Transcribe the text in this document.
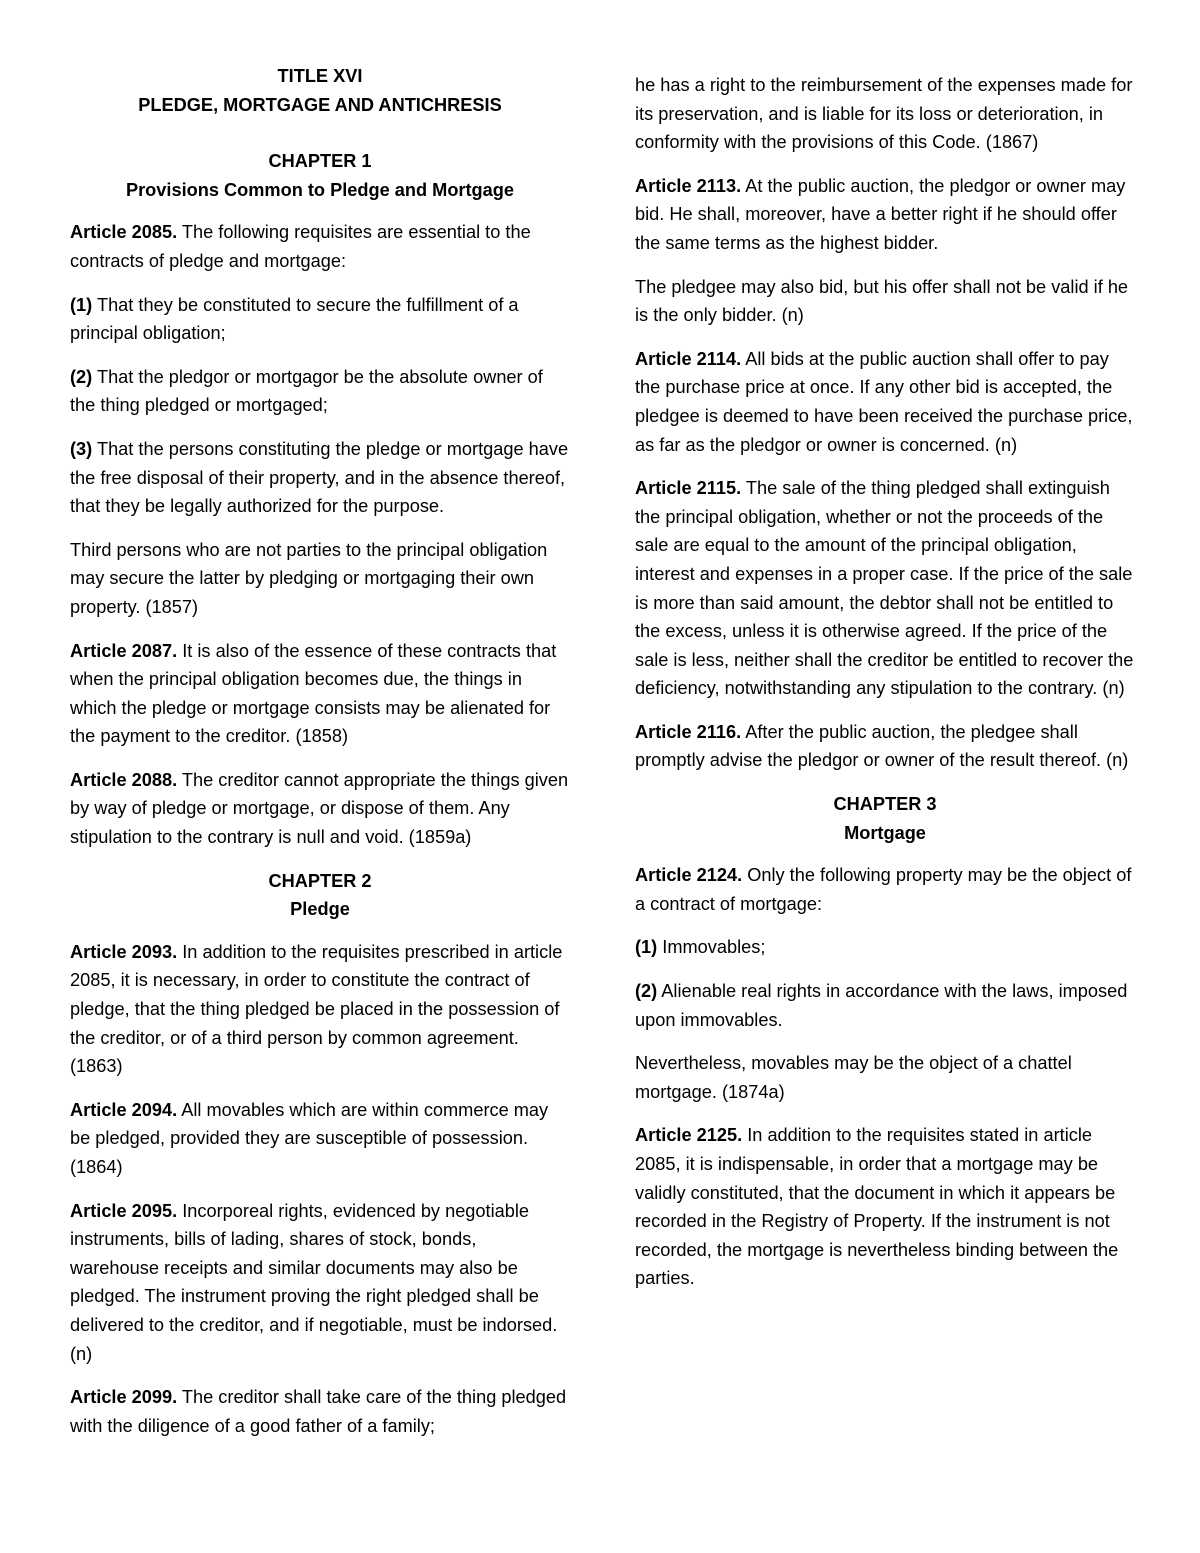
TITLE XVI

PLEDGE, MORTGAGE AND ANTICHRESIS

CHAPTER 1

Provisions Common to Pledge and Mortgage

Article 2085. The following requisites are essential to the contracts of pledge and mortgage:

(1) That they be constituted to secure the fulfillment of a principal obligation;

(2) That the pledgor or mortgagor be the absolute owner of the thing pledged or mortgaged;

(3) That the persons constituting the pledge or mortgage have the free disposal of their property, and in the absence thereof, that they be legally authorized for the purpose.

Third persons who are not parties to the principal obligation may secure the latter by pledging or mortgaging their own property. (1857)

Article 2087. It is also of the essence of these contracts that when the principal obligation becomes due, the things in which the pledge or mortgage consists may be alienated for the payment to the creditor. (1858)

Article 2088. The creditor cannot appropriate the things given by way of pledge or mortgage, or dispose of them. Any stipulation to the contrary is null and void. (1859a)

CHAPTER 2

Pledge

Article 2093. In addition to the requisites prescribed in article 2085, it is necessary, in order to constitute the contract of pledge, that the thing pledged be placed in the possession of the creditor, or of a third person by common agreement. (1863)

Article 2094. All movables which are within commerce may be pledged, provided they are susceptible of possession. (1864)

Article 2095. Incorporeal rights, evidenced by negotiable instruments, bills of lading, shares of stock, bonds, warehouse receipts and similar documents may also be pledged. The instrument proving the right pledged shall be delivered to the creditor, and if negotiable, must be indorsed. (n)

Article 2099. The creditor shall take care of the thing pledged with the diligence of a good father of a family;

he has a right to the reimbursement of the expenses made for its preservation, and is liable for its loss or deterioration, in conformity with the provisions of this Code. (1867)

Article 2113. At the public auction, the pledgor or owner may bid. He shall, moreover, have a better right if he should offer the same terms as the highest bidder.

The pledgee may also bid, but his offer shall not be valid if he is the only bidder. (n)

Article 2114. All bids at the public auction shall offer to pay the purchase price at once. If any other bid is accepted, the pledgee is deemed to have been received the purchase price, as far as the pledgor or owner is concerned. (n)

Article 2115. The sale of the thing pledged shall extinguish the principal obligation, whether or not the proceeds of the sale are equal to the amount of the principal obligation, interest and expenses in a proper case. If the price of the sale is more than said amount, the debtor shall not be entitled to the excess, unless it is otherwise agreed. If the price of the sale is less, neither shall the creditor be entitled to recover the deficiency, notwithstanding any stipulation to the contrary. (n)

Article 2116. After the public auction, the pledgee shall promptly advise the pledgor or owner of the result thereof. (n)

CHAPTER 3

Mortgage

Article 2124. Only the following property may be the object of a contract of mortgage:

(1) Immovables;

(2) Alienable real rights in accordance with the laws, imposed upon immovables.

Nevertheless, movables may be the object of a chattel mortgage. (1874a)

Article 2125. In addition to the requisites stated in article 2085, it is indispensable, in order that a mortgage may be validly constituted, that the document in which it appears be recorded in the Registry of Property. If the instrument is not recorded, the mortgage is nevertheless binding between the parties.
